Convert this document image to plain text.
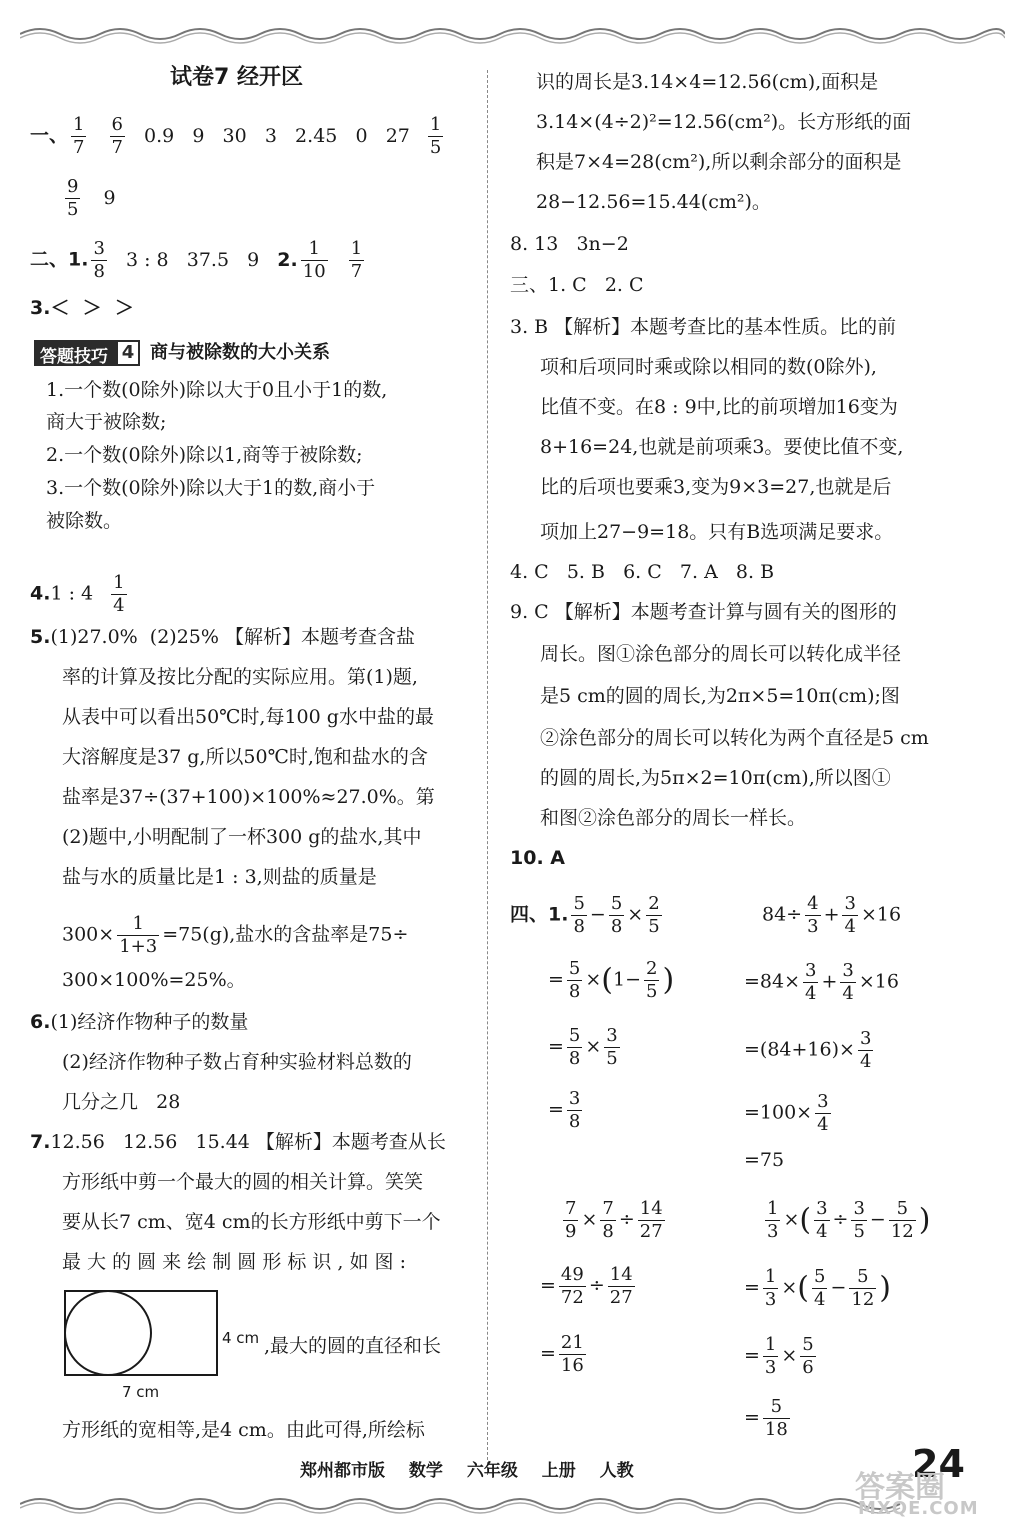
试卷7 经开区
一、 $\frac{1}{7}$
$\frac{6}{7} 0.9$   9   30   3   2.45   0   $27 \frac{1}{5}$
$\frac{9}{5} 9$
二、1. $\frac{3}{8} 3$ : 8   37.5   9 2. $\frac{1}{10}$
$\frac{1}{7}$
3.＜  ＞  ＞
答题技巧 4 商与被除数的大小关系
1.一个数(0除外)除以大于0且小于1的数,
商大于被除数;
2.一个数(0除外)除以1,商等于被除数;
3.一个数(0除外)除以大于1的数,商小于
被除数。
4.1 : $4 \frac{1}{4}$
5.(1)27.0%  (2)25% 【解析】本题考查含盐
率的计算及按比分配的实际应用。第(1)题,
从表中可以看出50℃时,每100 g水中盐的最
大溶解度是37 g,所以50℃时,饱和盐水的含
盐率是37÷(37+100)×100%≈27.0%。第
(2)题中,小明配制了一杯300 g的盐水,其中
盐与水的质量比是1 : 3,则盐的质量是
$300\times \frac{1}{1+3} =75(g)$,盐水的含盐率是75÷
300×100%=25%。
6.(1)经济作物种子的数量
(2)经济作物种子数占育种实验材料总数的
几分之几   28
7.12.56   12.56   15.44 【解析】本题考查从长
方形纸中剪一个最大的圆的相关计算。笑笑
要从长7 cm、宽4 cm的长方形纸中剪下一个
最 大 的 圆 来 绘 制 圆 形 标 识 , 如 图 :
4 cm
7 cm
,最大的圆的直径和长
方形纸的宽相等,是4 cm。由此可得,所绘标
识的周长是3.14×4=12.56(cm),面积是
3.14×(4÷2)²=12.56(cm²)。长方形纸的面
积是7×4=28(cm²),所以剩余部分的面积是
28−12.56=15.44(cm²)。
8. 13   3n−2
三、1. C   2. C
3. B 【解析】本题考查比的基本性质。比的前
项和后项同时乘或除以相同的数(0除外),
比值不变。在8 : 9中,比的前项增加16变为
8+16=24,也就是前项乘3。要使比值不变,
比的后项也要乘3,变为9×3=27,也就是后
项加上27−9=18。只有B选项满足要求。
4. C   5. B   6. C   7. A   8. B
9. C 【解析】本题考查计算与圆有关的图形的
周长。图①涂色部分的周长可以转化成半径
是5 cm的圆的周长,为2π×5=10π(cm);图
②涂色部分的周长可以转化为两个直径是5 cm
的圆的周长,为5π×2=10π(cm),所以图①
和图②涂色部分的周长一样长。
10. A
四、1. $\frac{5}{8} - \frac{5}{8} \times \frac{2}{5}$
= $\frac{5}{8} \times(1- \frac{2}{5}$ )
= $\frac{5}{8} \times \frac{3}{5}$
= $\frac{3}{8}$
$84\div \frac{4}{3} + \frac{3}{4} \times 16$
$=84\times \frac{3}{4} + \frac{3}{4} \times 16$
$=(84+16)\times \frac{3}{4}$
$=100\times \frac{3}{4}$
=75
$\frac{7}{9} \times \frac{7}{8} \div \frac{14}{27}$
= $\frac{49}{72} \div \frac{14}{27}$
= $\frac{21}{16}$
$\frac{1}{3}$ ×( $\frac{3}{4} \div \frac{3}{5} - \frac{5}{12}$ )
= $\frac{1}{3}$ ×( $\frac{5}{4} - \frac{5}{12}$ )
= $\frac{1}{3} \times \frac{5}{6}$
= $\frac{5}{18}$
郑州都市版 数学 六年级 上册 人教	24
答案圈
MXQE.COM
